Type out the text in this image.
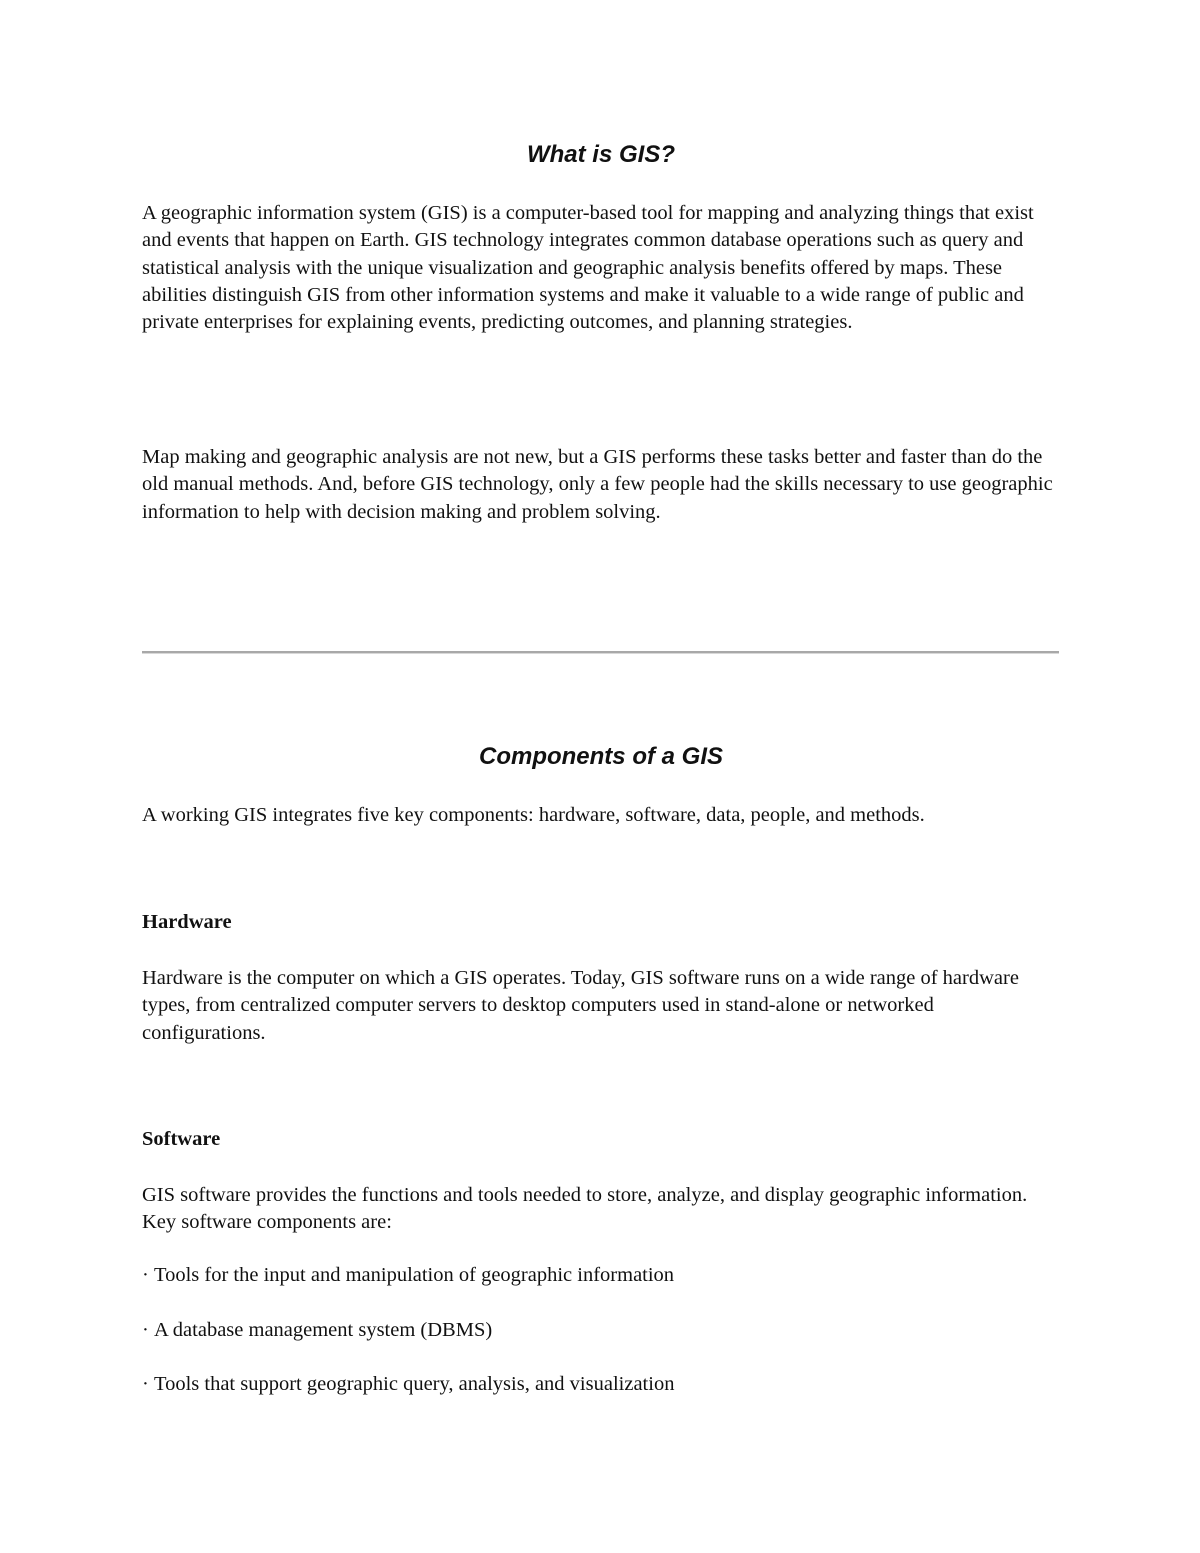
What is GIS?

A geographic information system (GIS) is a computer-based tool for mapping and analyzing things that exist and events that happen on Earth. GIS technology integrates common database operations such as query and statistical analysis with the unique visualization and geographic analysis benefits offered by maps. These abilities distinguish GIS from other information systems and make it valuable to a wide range of public and private enterprises for explaining events, predicting outcomes, and planning strategies.

Map making and geographic analysis are not new, but a GIS performs these tasks better and faster than do the old manual methods. And, before GIS technology, only a few people had the skills necessary to use geographic information to help with decision making and problem solving.

Components of a GIS

A working GIS integrates five key components: hardware, software, data, people, and methods.

Hardware

Hardware is the computer on which a GIS operates. Today, GIS software runs on a wide range of hardware types, from centralized computer servers to desktop computers used in stand-alone or networked configurations.

Software

GIS software provides the functions and tools needed to store, analyze, and display geographic information. Key software components are:

· Tools for the input and manipulation of geographic information

· A database management system (DBMS)

· Tools that support geographic query, analysis, and visualization
